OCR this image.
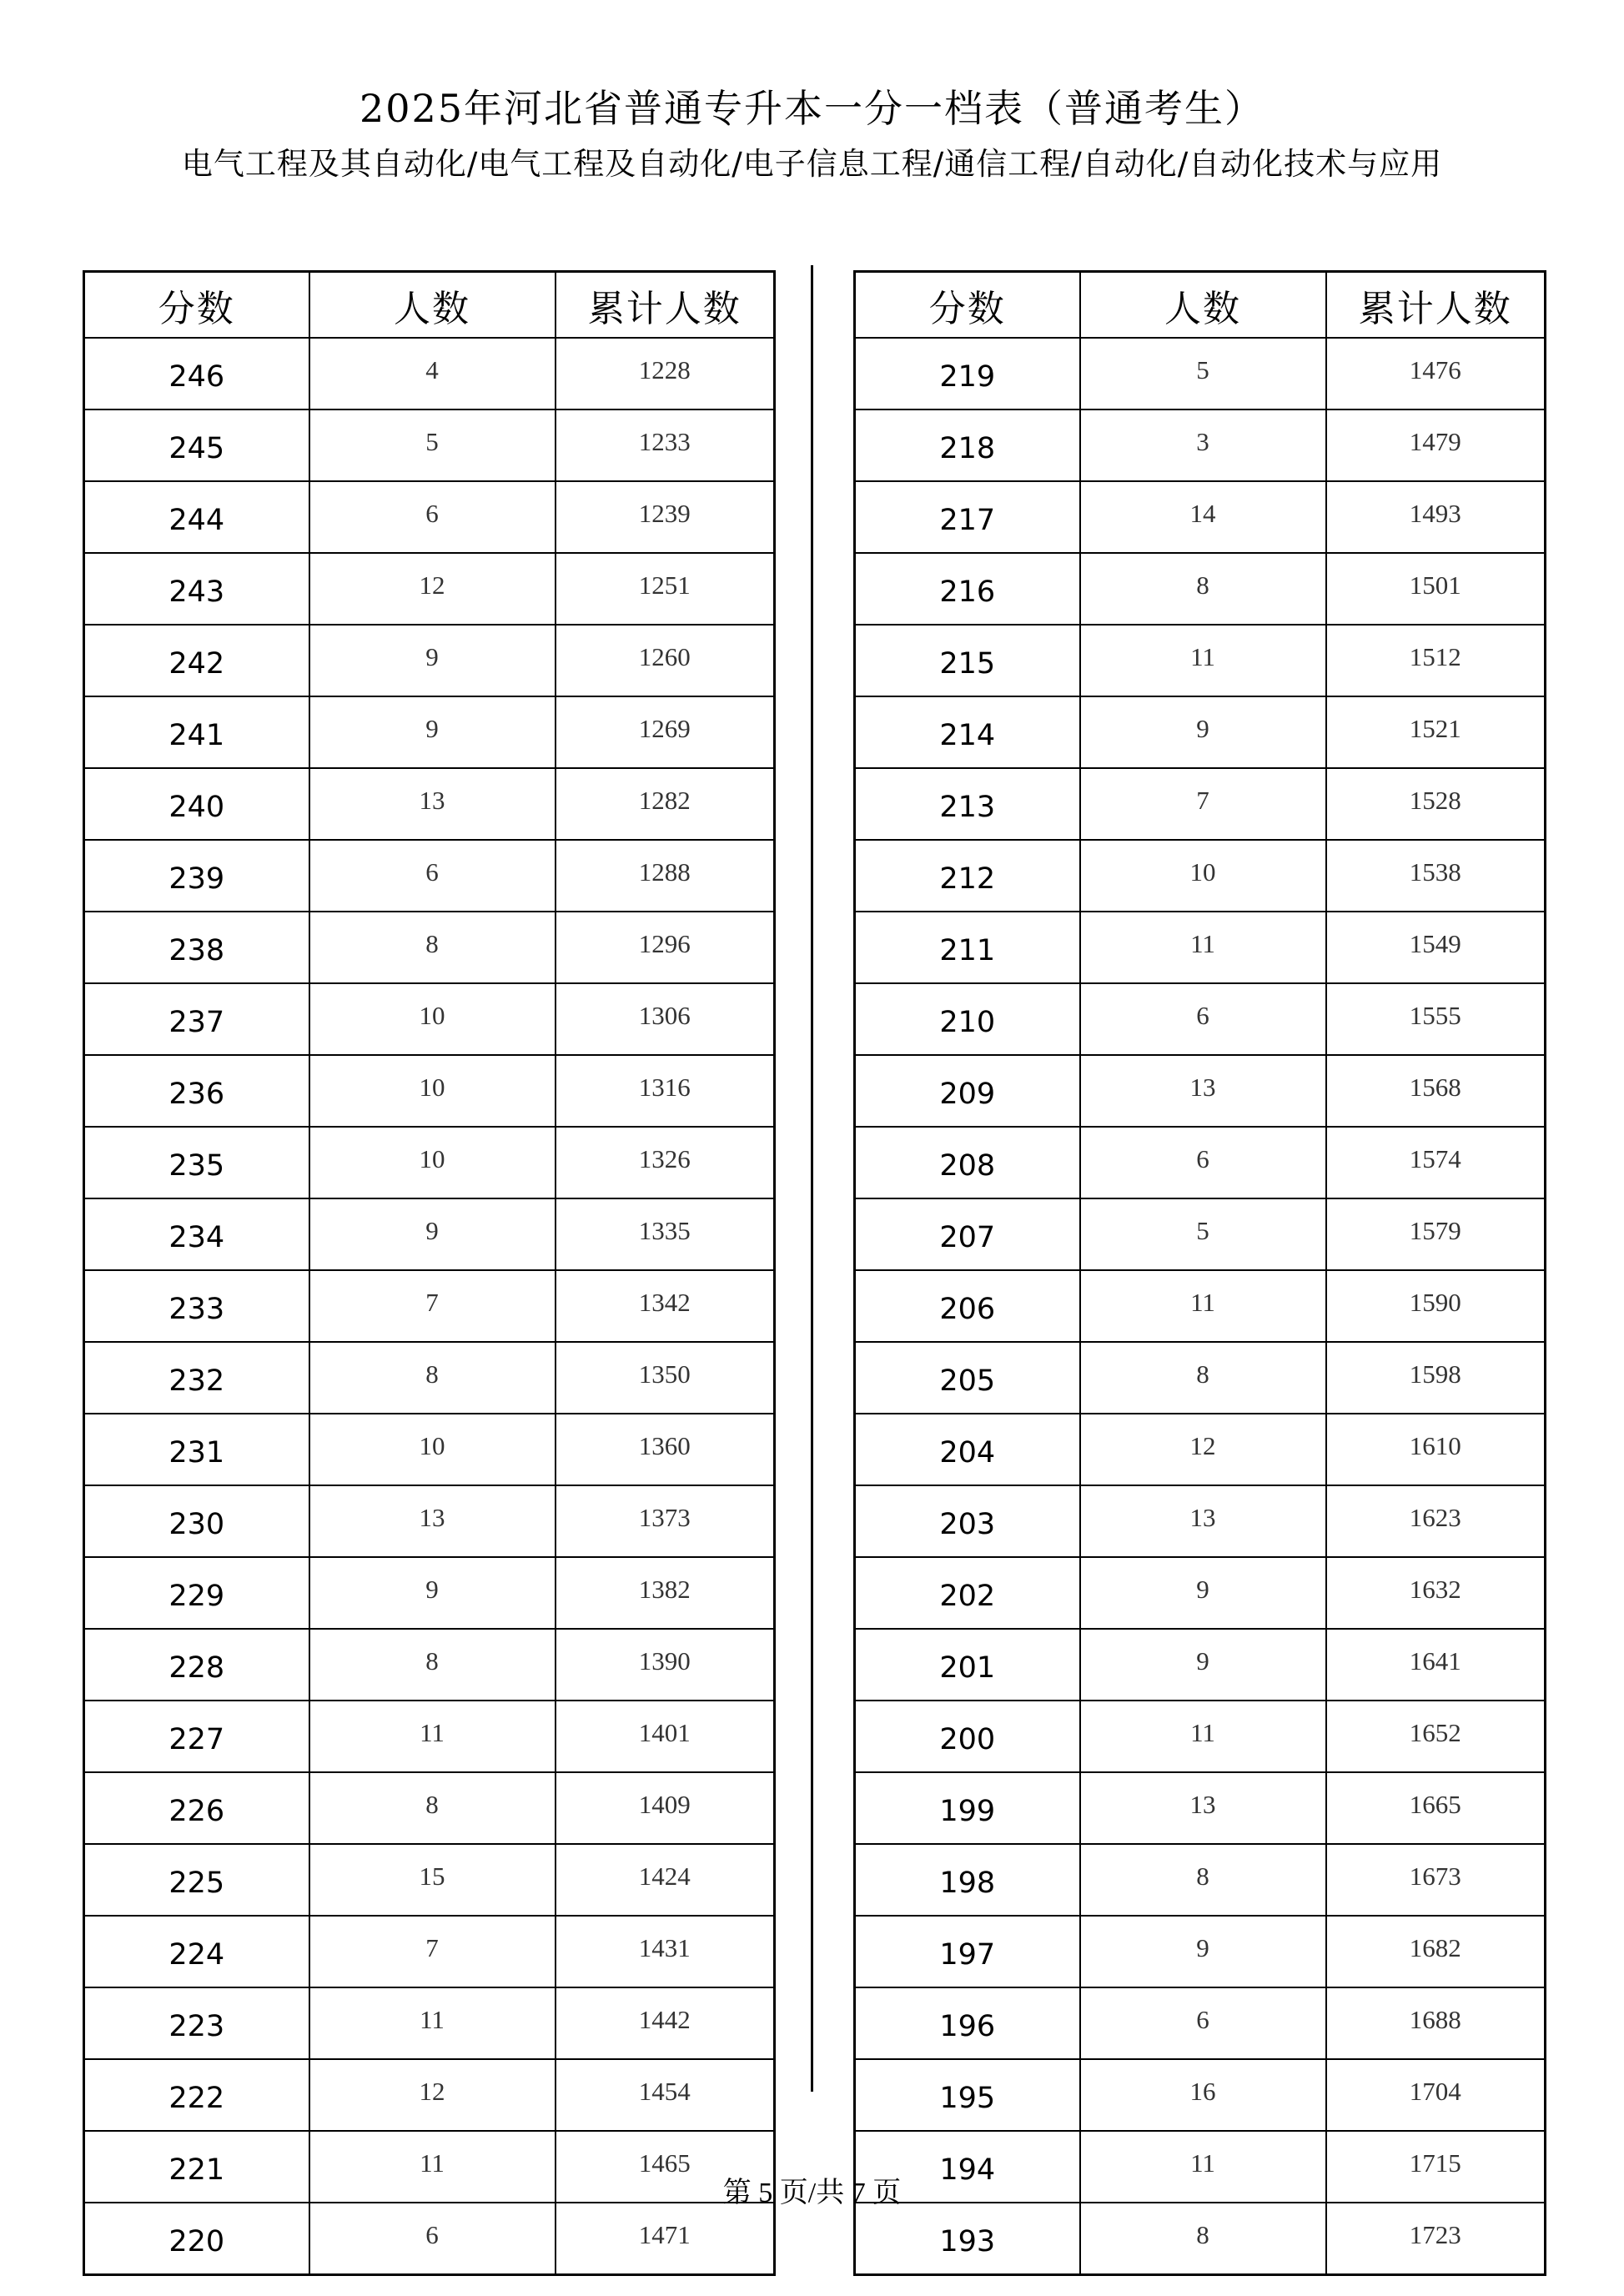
2025年河北省普通专升本一分一档表（普通考生）
电气工程及其自动化/电气工程及自动化/电子信息工程/通信工程/自动化/自动化技术与应用
分数	人数	累计人数
246	4	1228
245	5	1233
244	6	1239
243	12	1251
242	9	1260
241	9	1269
240	13	1282
239	6	1288
238	8	1296
237	10	1306
236	10	1316
235	10	1326
234	9	1335
233	7	1342
232	8	1350
231	10	1360
230	13	1373
229	9	1382
228	8	1390
227	11	1401
226	8	1409
225	15	1424
224	7	1431
223	11	1442
222	12	1454
221	11	1465
220	6	1471
分数	人数	累计人数
219	5	1476
218	3	1479
217	14	1493
216	8	1501
215	11	1512
214	9	1521
213	7	1528
212	10	1538
211	11	1549
210	6	1555
209	13	1568
208	6	1574
207	5	1579
206	11	1590
205	8	1598
204	12	1610
203	13	1623
202	9	1632
201	9	1641
200	11	1652
199	13	1665
198	8	1673
197	9	1682
196	6	1688
195	16	1704
194	11	1715
193	8	1723
第 5 页/共 7 页
